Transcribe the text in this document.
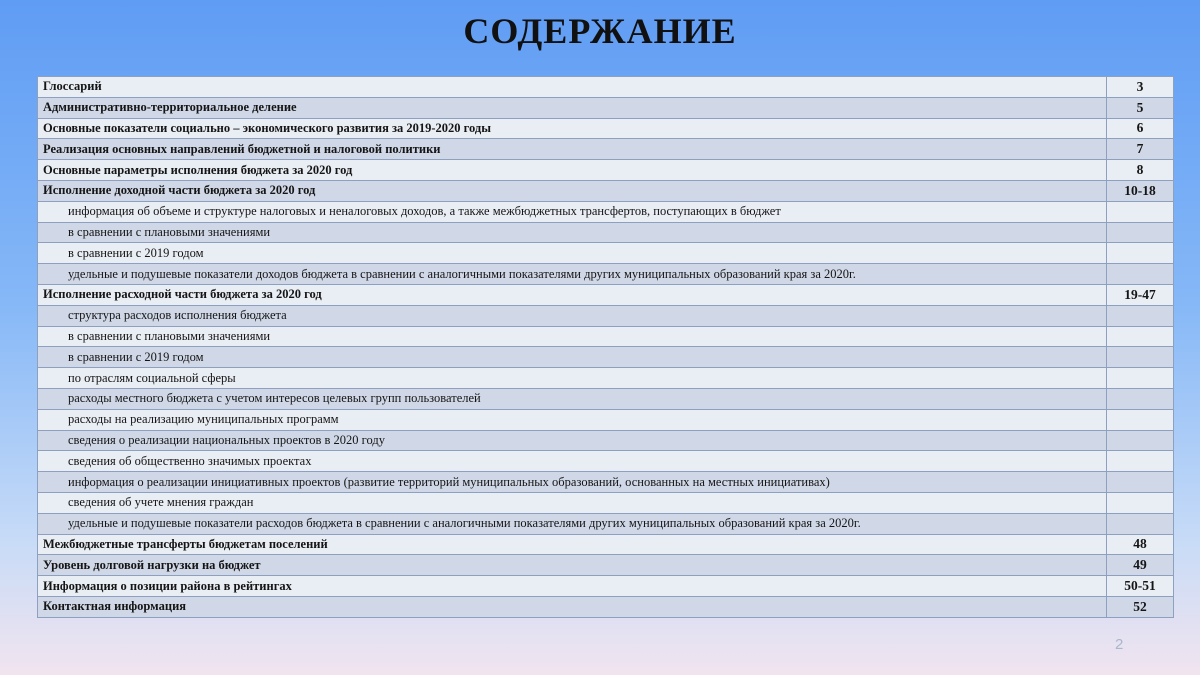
СОДЕРЖАНИЕ
Глоссарий	3
Административно-территориальное деление	5
Основные показатели социально – экономического развития за 2019-2020 годы	6
Реализация основных направлений бюджетной и налоговой политики	7
Основные параметры исполнения бюджета за 2020 год	8
Исполнение доходной части бюджета за 2020 год	10-18
информация об объеме и структуре налоговых и неналоговых доходов, а также межбюджетных трансфертов, поступающих в бюджет	
в сравнении с плановыми значениями	
в сравнении с 2019 годом	
удельные и подушевые показатели доходов бюджета в сравнении с аналогичными показателями других муниципальных образований края за 2020г.	
Исполнение расходной части бюджета за 2020 год	19-47
структура расходов исполнения бюджета	
в сравнении с плановыми значениями	
в сравнении с 2019 годом	
по отраслям социальной сферы	
расходы местного бюджета с учетом интересов целевых групп пользователей	
расходы на реализацию муниципальных программ	
сведения о реализации национальных проектов в 2020 году	
сведения об общественно значимых проектах	
информация о реализации инициативных проектов (развитие территорий муниципальных образований, основанных на местных инициативах)	
сведения об учете мнения граждан	
удельные и подушевые показатели расходов бюджета в сравнении с аналогичными показателями других муниципальных образований края за 2020г.	
Межбюджетные трансферты бюджетам поселений	48
Уровень долговой нагрузки на бюджет	49
Информация о позиции района в рейтингах	50-51
Контактная информация	52
2
